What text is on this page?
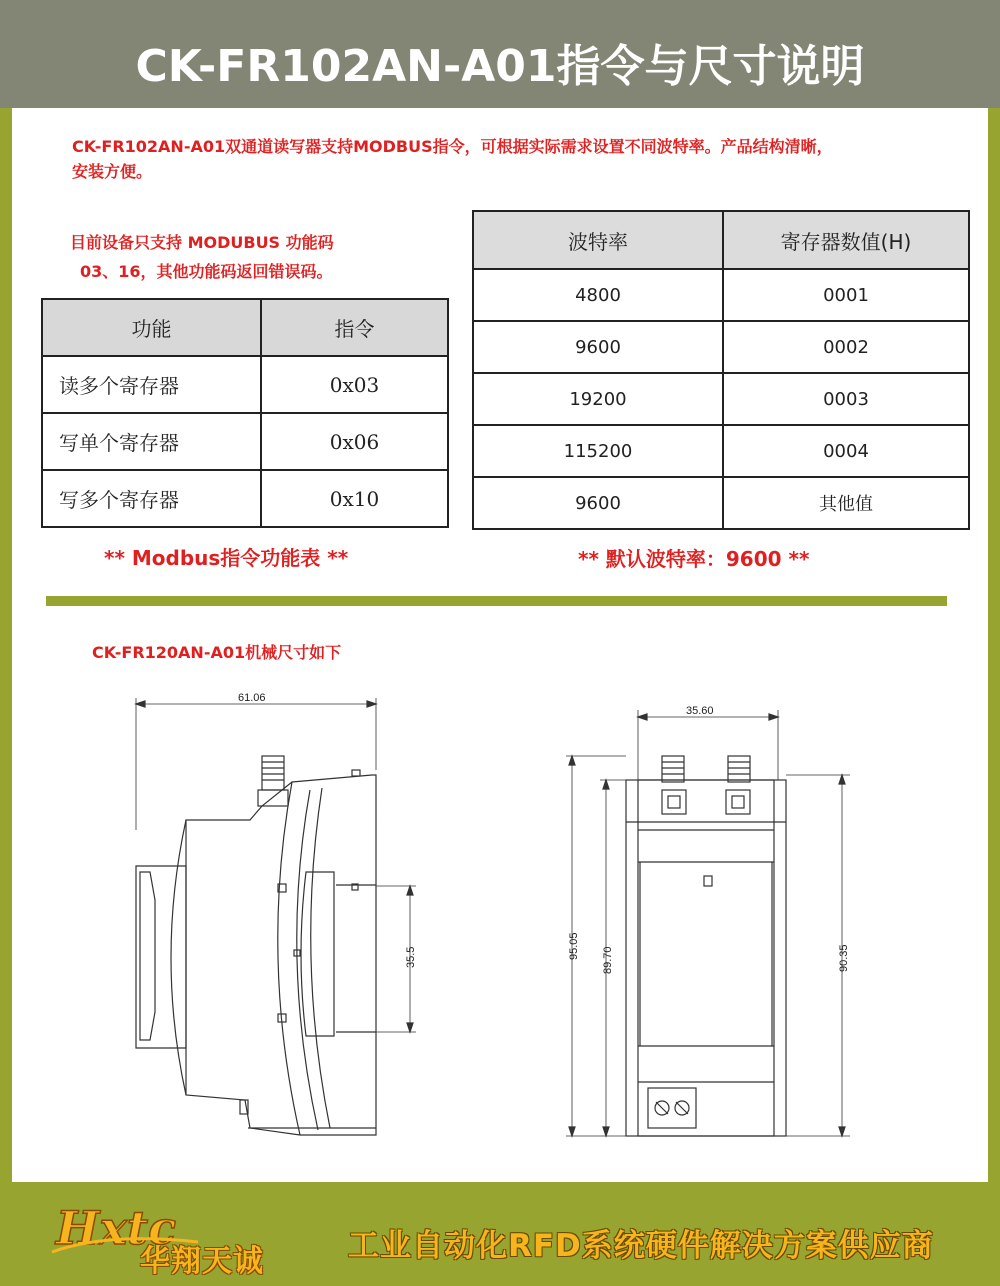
CK-FR102AN-A01指令与尺寸说明
CK-FR102AN-A01双通道读写器支持MODBUS指令，可根据实际需求设置不同波特率。产品结构清晰，
安装方便。
目前设备只支持 MODUBUS 功能码
03、16，其他功能码返回错误码。
功能	指令
读多个寄存器	0x03
写单个寄存器	0x06
写多个寄存器	0x10
波特率	寄存器数值(H)
4800	0001
9600	0002
19200	0003
115200	0004
9600	其他值
** Modbus指令功能表 **	** 默认波特率：9600 **
CK-FR120AN-A01机械尺寸如下
61.06
35.5
35.60
95.05
89.70	90.35
Hxtc
华翔天诚	工业自动化RFD系统硬件解决方案供应商
